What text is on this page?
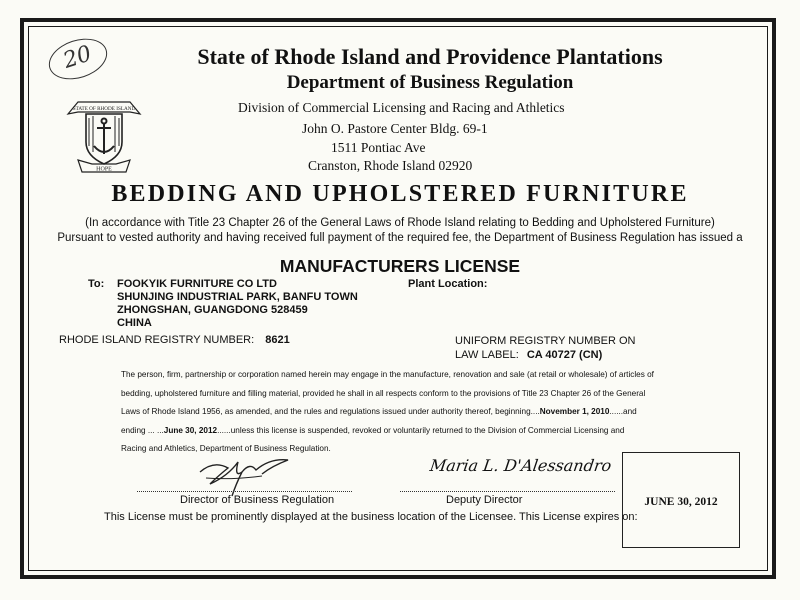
20	State of Rhode Island and Providence Plantations
Department of Business Regulation
Division of Commercial Licensing and Racing and Athletics
John O. Pastore Center Bldg. 69-1
1511 Pontiac Ave
Cranston, Rhode Island 02920
STATE OF RHODE ISLAND
HOPE
BEDDING AND UPHOLSTERED FURNITURE
(In accordance with Title 23 Chapter 26 of the General Laws of Rhode Island relating to Bedding and Upholstered Furniture)
Pursuant to vested authority and having received full payment of the required fee, the Department of Business Regulation has issued a
MANUFACTURERS LICENSE
To: FOOKYIK FURNITURE CO LTD
SHUNJING INDUSTRIAL PARK, BANFU TOWN
ZHONGSHAN, GUANGDONG 528459
CHINA
Plant Location:
RHODE ISLAND REGISTRY NUMBER: 8621	UNIFORM REGISTRY NUMBER ON
LAW LABEL: CA 40727 (CN)
The person, firm, partnership or corporation named herein may engage in the manufacture, renovation and sale (at retail or wholesale) of articles of
bedding, upholstered furniture and filling material, provided he shall in all respects conform to the provisions of Title 23 Chapter 26 of the General
Laws of Rhode Island 1956, as amended, and the rules and regulations issued under authority thereof, beginning....November 1, 2010......and
ending ... ...June 30, 2012......unless this license is suspended, revoked or voluntarily returned to the Division of Commercial Licensing and
Racing and Athletics, Department of Business Regulation.
Director of Business Regulation
Maria L. D'Alessandro
Deputy Director
This License must be prominently displayed at the business location of the Licensee. This License expires on:
JUNE 30, 2012
